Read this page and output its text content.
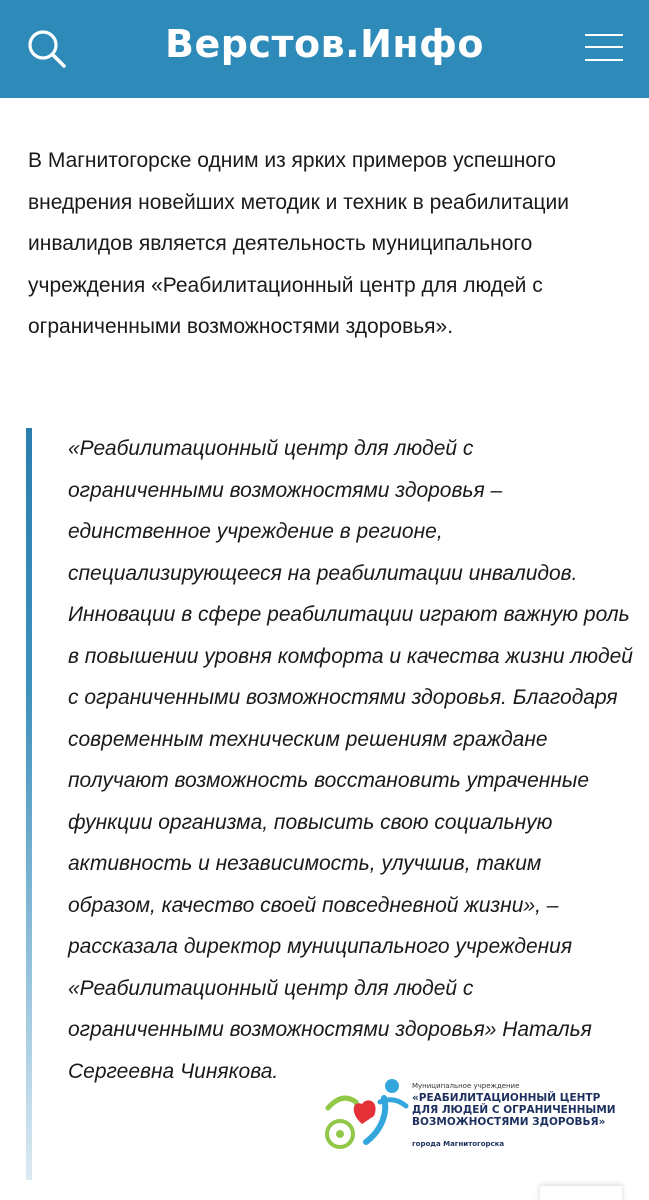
Верстов.Инфо

В Магнитогорске одним из ярких примеров успешного внедрения новейших методик и техник в реабилитации инвалидов является деятельность муниципального учреждения «Реабилитационный центр для людей с ограниченными возможностями здоровья».

«Реабилитационный центр для людей с ограниченными возможностями здоровья – единственное учреждение в регионе, специализирующееся на реабилитации инвалидов. Инновации в сфере реабилитации играют важную роль в повышении уровня комфорта и качества жизни людей с ограниченными возможностями здоровья. Благодаря современным техническим решениям граждане получают возможность восстановить утраченные функции организма, повысить свою социальную активность и независимость, улучшив, таким образом, качество своей повседневной жизни», – рассказала директор муниципального учреждения «Реабилитационный центр для людей с ограниченными возможностями здоровья» Наталья Сергеевна Чинякова.
Муниципальное учреждение
«РЕАБИЛИТАЦИОННЫЙ ЦЕНТР ДЛЯ ЛЮДЕЙ С ОГРАНИЧЕННЫМИ ВОЗМОЖНОСТЯМИ ЗДОРОВЬЯ»
города Магнитогорска
